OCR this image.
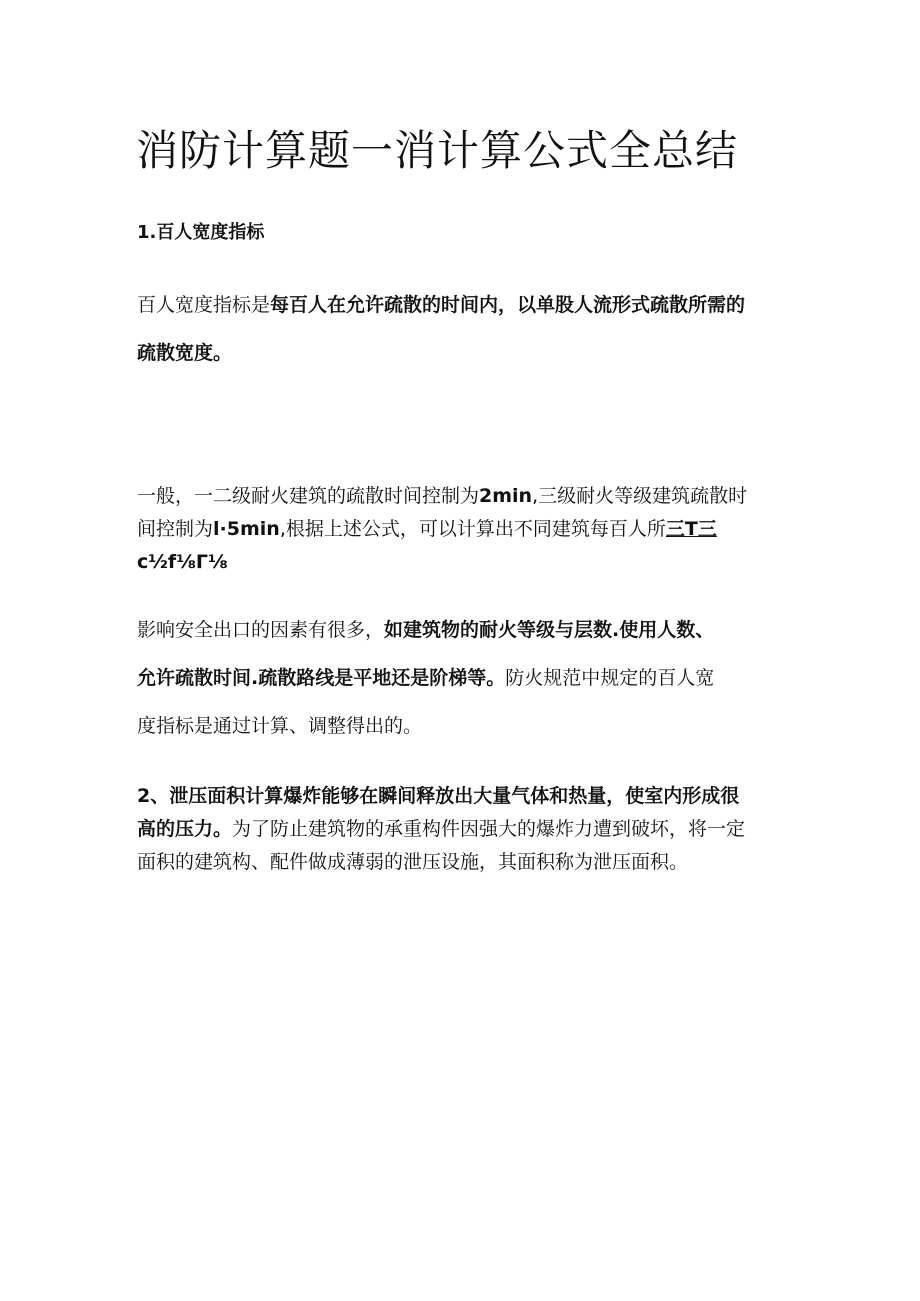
消防计算题一消计算公式全总结
1.百人宽度指标
百人宽度指标是每百人在允许疏散的时间内，以单股人流形式疏散所需的
疏散宽度。
一般，一二级耐火建筑的疏散时间控制为2min,三级耐火等级建筑疏散时
间控制为l·5min,根据上述公式，可以计算出不同建筑每百人所三T三
c½f⅛Γ⅛
影响安全出口的因素有很多，如建筑物的耐火等级与层数.使用人数、
允许疏散时间.疏散路线是平地还是阶梯等。防火规范中规定的百人宽
度指标是通过计算、调整得出的。
2、泄压面积计算爆炸能够在瞬间释放出大量气体和热量，使室内形成很
高的压力。为了防止建筑物的承重构件因强大的爆炸力遭到破坏，将一定
面积的建筑构、配件做成薄弱的泄压设施，其面积称为泄压面积。
